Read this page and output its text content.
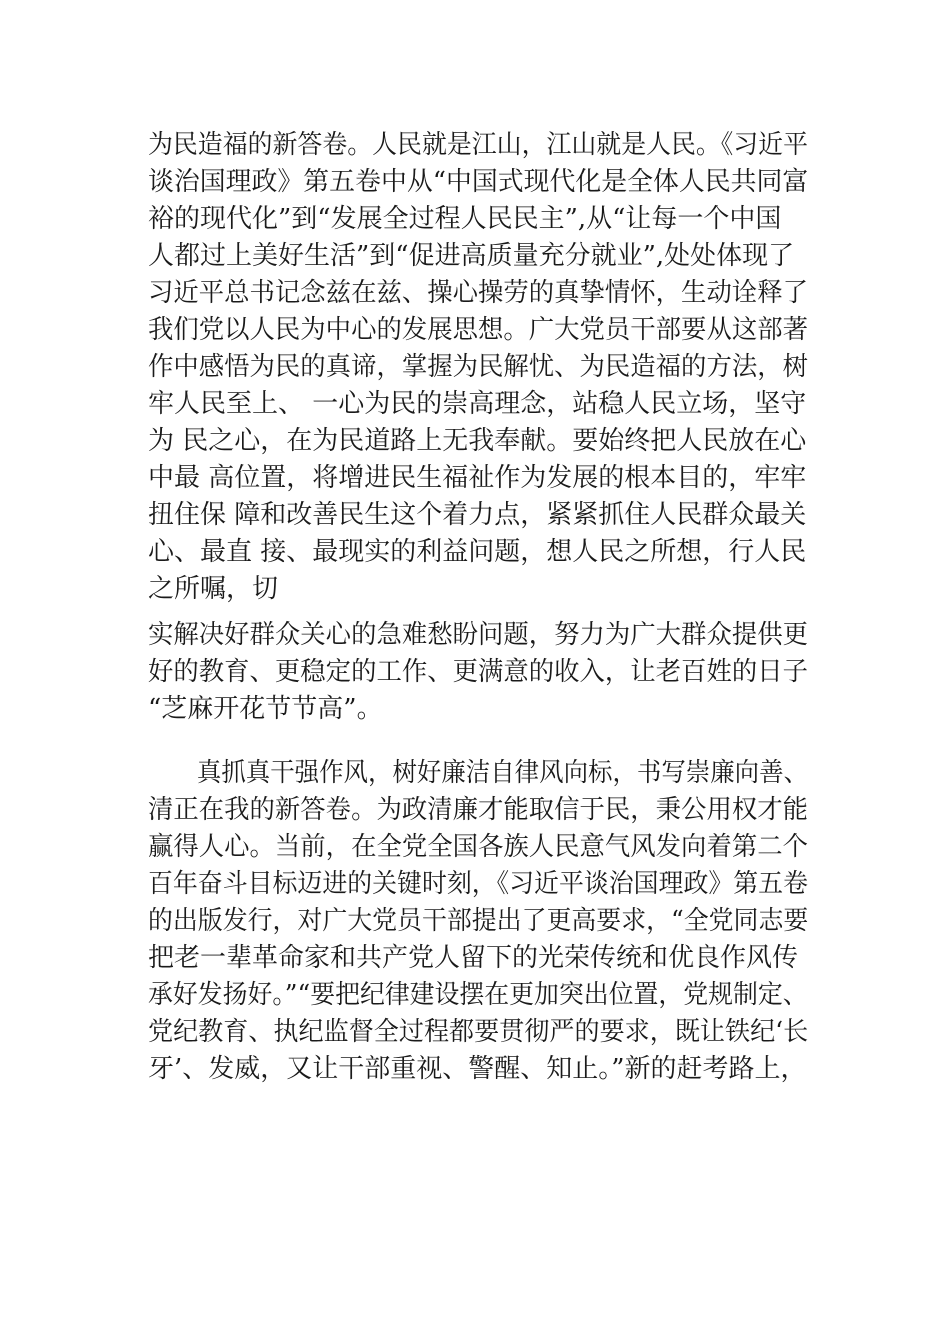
为民造福的新答卷。人民就是江山，江山就是人民。《习近平

谈治国理政》第五卷中从“中国式现代化是全体人民共同富

裕的现代化”到“发展全过程人民民主”,从“让每一个中国

人都过上美好生活”到“促进高质量充分就业”,处处体现了

习近平总书记念兹在兹、操心操劳的真挚情怀，生动诠释了

我们党以人民为中心的发展思想。广大党员干部要从这部著

作中感悟为民的真谛，掌握为民解忧、为民造福的方法，树

牢人民至上、 一心为民的崇高理念，站稳人民立场，坚守

为 民之心，在为民道路上无我奉献。要始终把人民放在心

中最 高位置，将增进民生福祉作为发展的根本目的，牢牢

扭住保 障和改善民生这个着力点，紧紧抓住人民群众最关

心、最直 接、最现实的利益问题，想人民之所想，行人民

之所嘱，切

实解决好群众关心的急难愁盼问题，努力为广大群众提供更

好的教育、更稳定的工作、更满意的收入，让老百姓的日子

“芝麻开花节节高”。

　　真抓真干强作风，树好廉洁自律风向标，书写崇廉向善、

清正在我的新答卷。为政清廉才能取信于民，秉公用权才能

赢得人心。当前，在全党全国各族人民意气风发向着第二个

百年奋斗目标迈进的关键时刻，《习近平谈治国理政》第五卷

的出版发行，对广大党员干部提出了更高要求，“全党同志要

把老一辈革命家和共产党人留下的光荣传统和优良作风传

承好发扬好。”“要把纪律建设摆在更加突出位置，党规制定、

党纪教育、执纪监督全过程都要贯彻严的要求，既让铁纪‘长

牙’、发威，又让干部重视、警醒、知止。”新的赶考路上，
